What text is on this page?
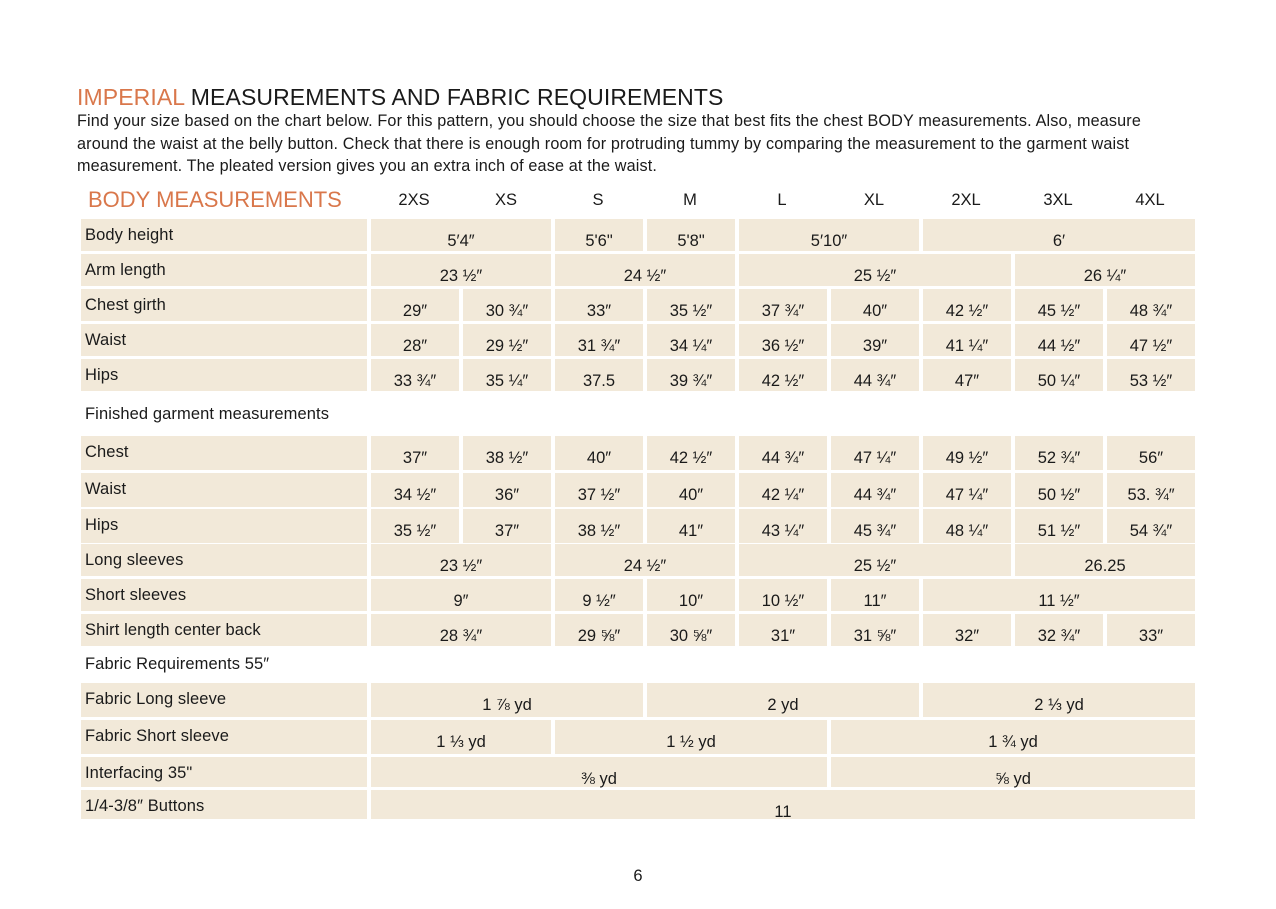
IMPERIAL MEASUREMENTS AND FABRIC REQUIREMENTS
Find your size based on the chart below. For this pattern, you should choose the size that best fits the chest BODY measurements. Also, measure around the waist at the belly button. Check that there is enough room for protruding tummy by comparing the measurement to the garment waist measurement. The pleated version gives you an extra inch of ease at the waist.
BODY MEASUREMENTS	2XS	XS	S	M	L	XL	2XL	3XL	4XL
Body height	5′4″	5'6"	5'8"	5′10″	6′
Arm length	23 ½″	24 ½″	25 ½″	26 ¼″
Chest girth	29″	30 ¾″	33″	35 ½″	37 ¾″	40″	42 ½″	45 ½″	48 ¾″
Waist	28″	29 ½″	31 ¾″	34 ¼″	36 ½″	39″	41 ¼″	44 ½″	47 ½″
Hips	33 ¾″	35 ¼″	37.5	39 ¾″	42 ½″	44 ¾″	47″	50 ¼″	53 ½″
Finished garment measurements
Chest	37″	38 ½″	40″	42 ½″	44 ¾″	47 ¼″	49 ½″	52 ¾″	56″
Waist	34 ½″	36″	37 ½″	40″	42 ¼″	44 ¾″	47 ¼″	50 ½″	53. ¾″
Hips	35 ½″	37″	38 ½″	41″	43 ¼″	45 ¾″	48 ¼″	51 ½″	54 ¾″
Long sleeves	23 ½″	24 ½″	25 ½″	26.25
Short sleeves	9″	9 ½″	10″	10 ½″	11″	11 ½″
Shirt length center back	28 ¾″	29 ⅝″	30 ⅝″	31″	31 ⅝″	32″	32 ¾″	33″
Fabric Requirements 55″
Fabric Long sleeve	1 ⅞ yd	2 yd	2 ⅓ yd
Fabric Short sleeve	1 ⅓ yd	1 ½ yd	1 ¾ yd
Interfacing 35"	⅜ yd	⅝ yd
1/4-3/8″ Buttons	11
6
